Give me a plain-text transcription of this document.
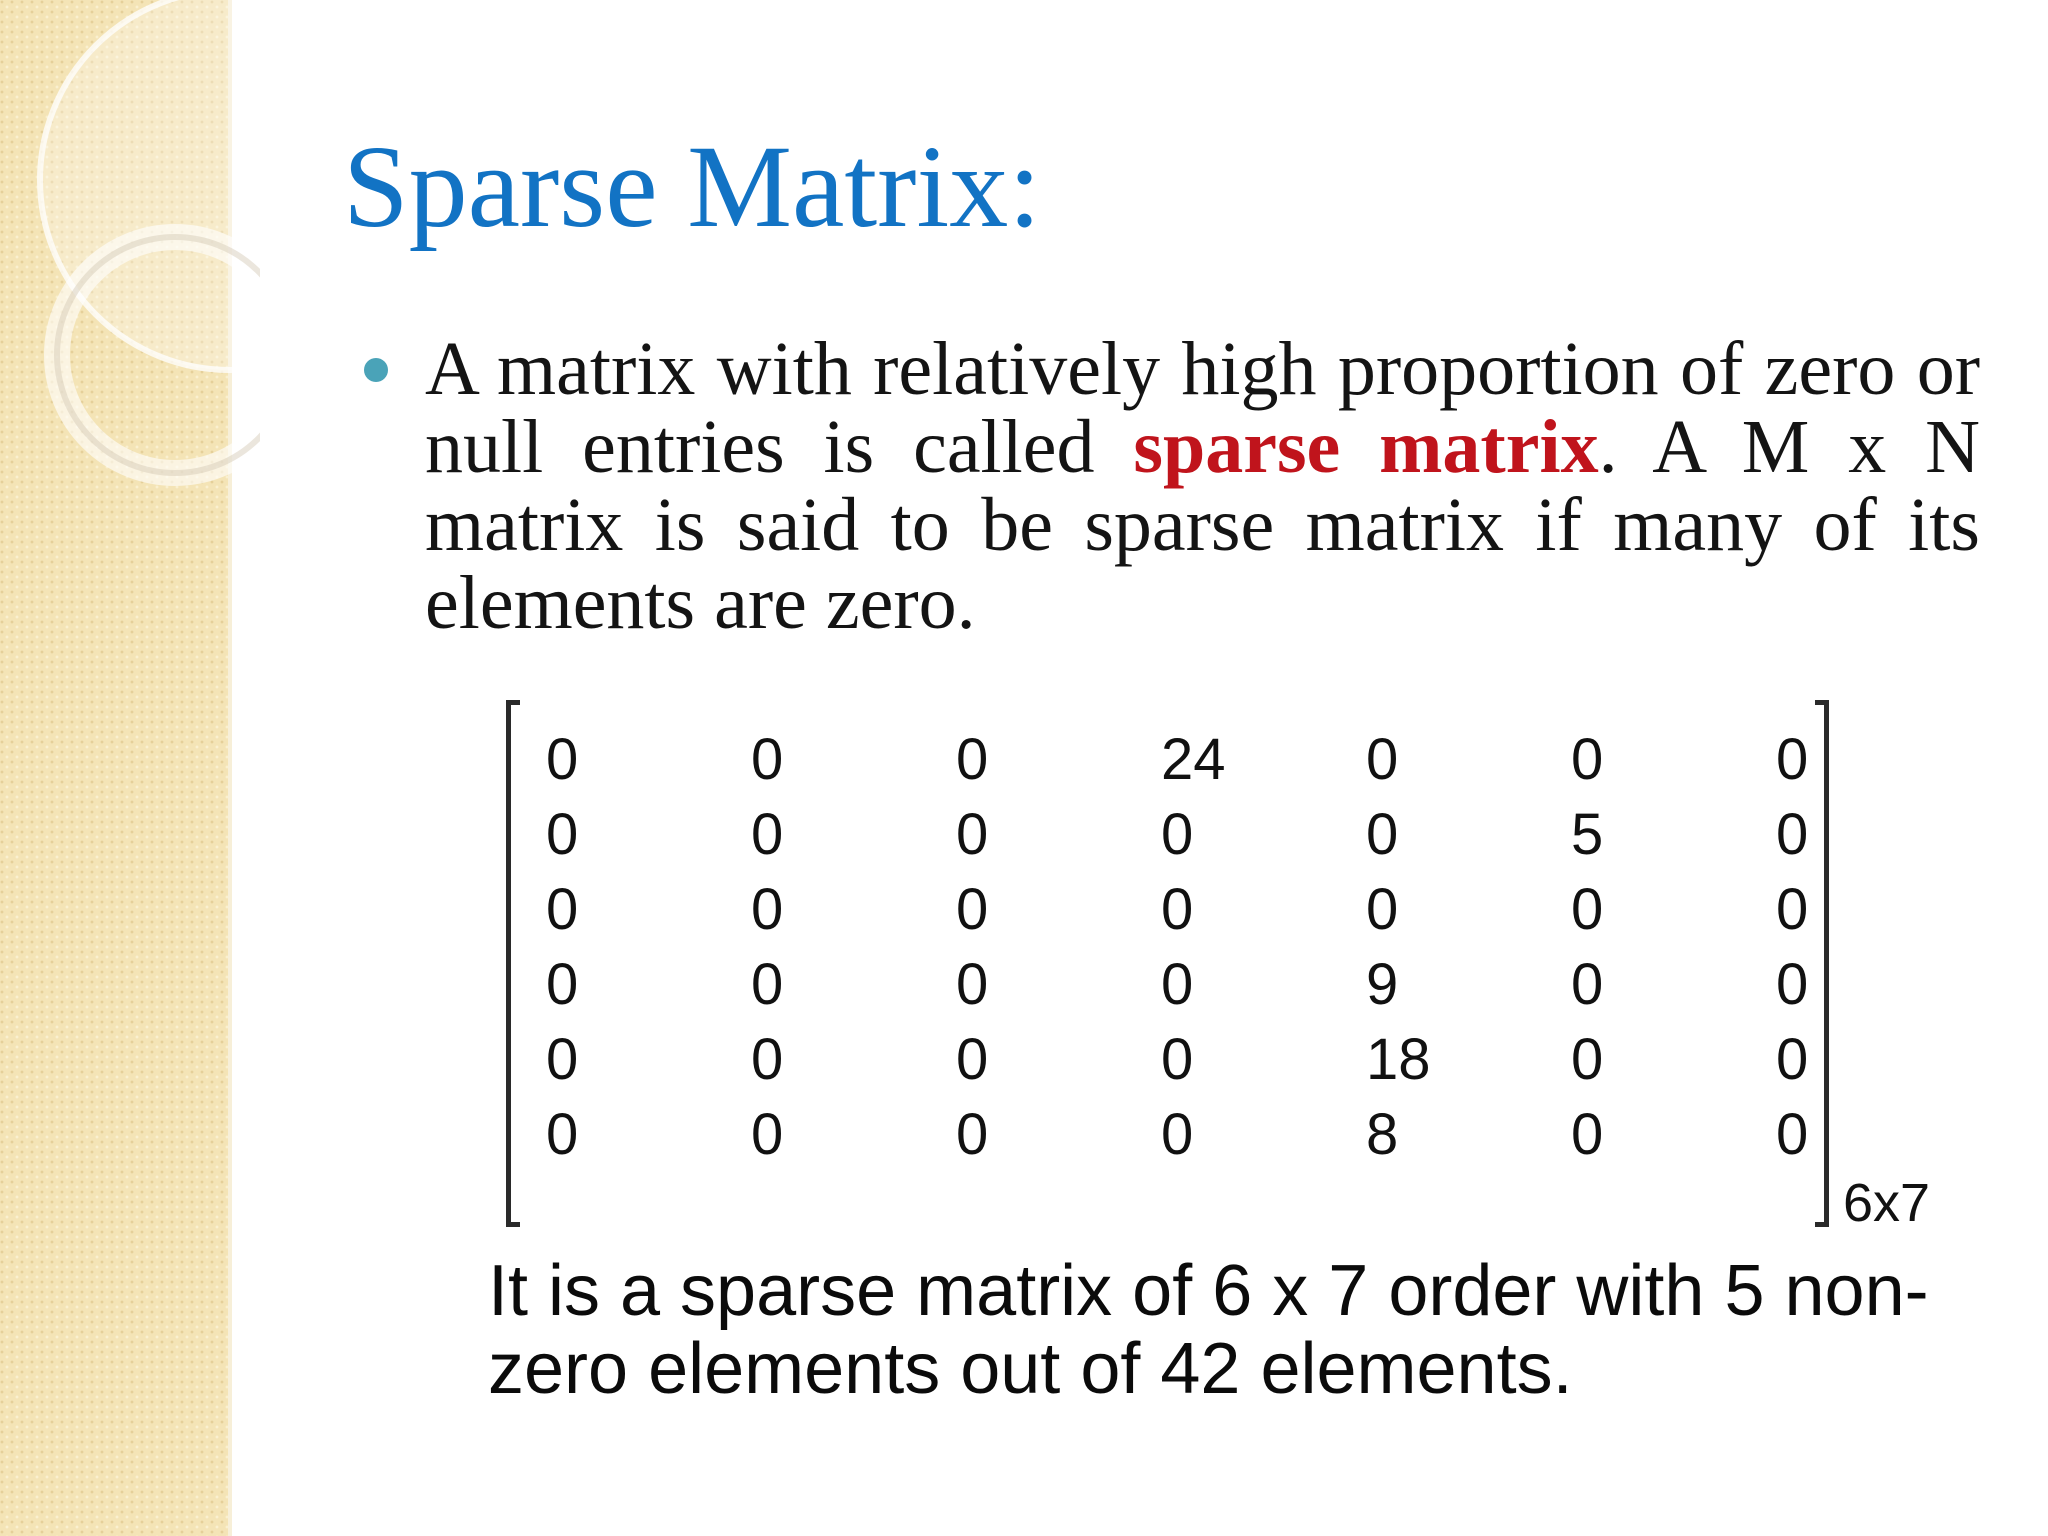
Sparse Matrix:
A matrix with relatively high proportion of zero or null entries is called sparse matrix. A M x N matrix is said to be sparse matrix if many of its elements are zero.
0	0	0	24	0	0	0
0	0	0	0	0	5	0
0	0	0	0	0	0	0
0	0	0	0	9	0	0
0	0	0	0	18	0	0
0	0	0	0	8	0	0
6x7
It is a sparse matrix of 6 x 7 order with 5 non-zero elements out of 42 elements.
